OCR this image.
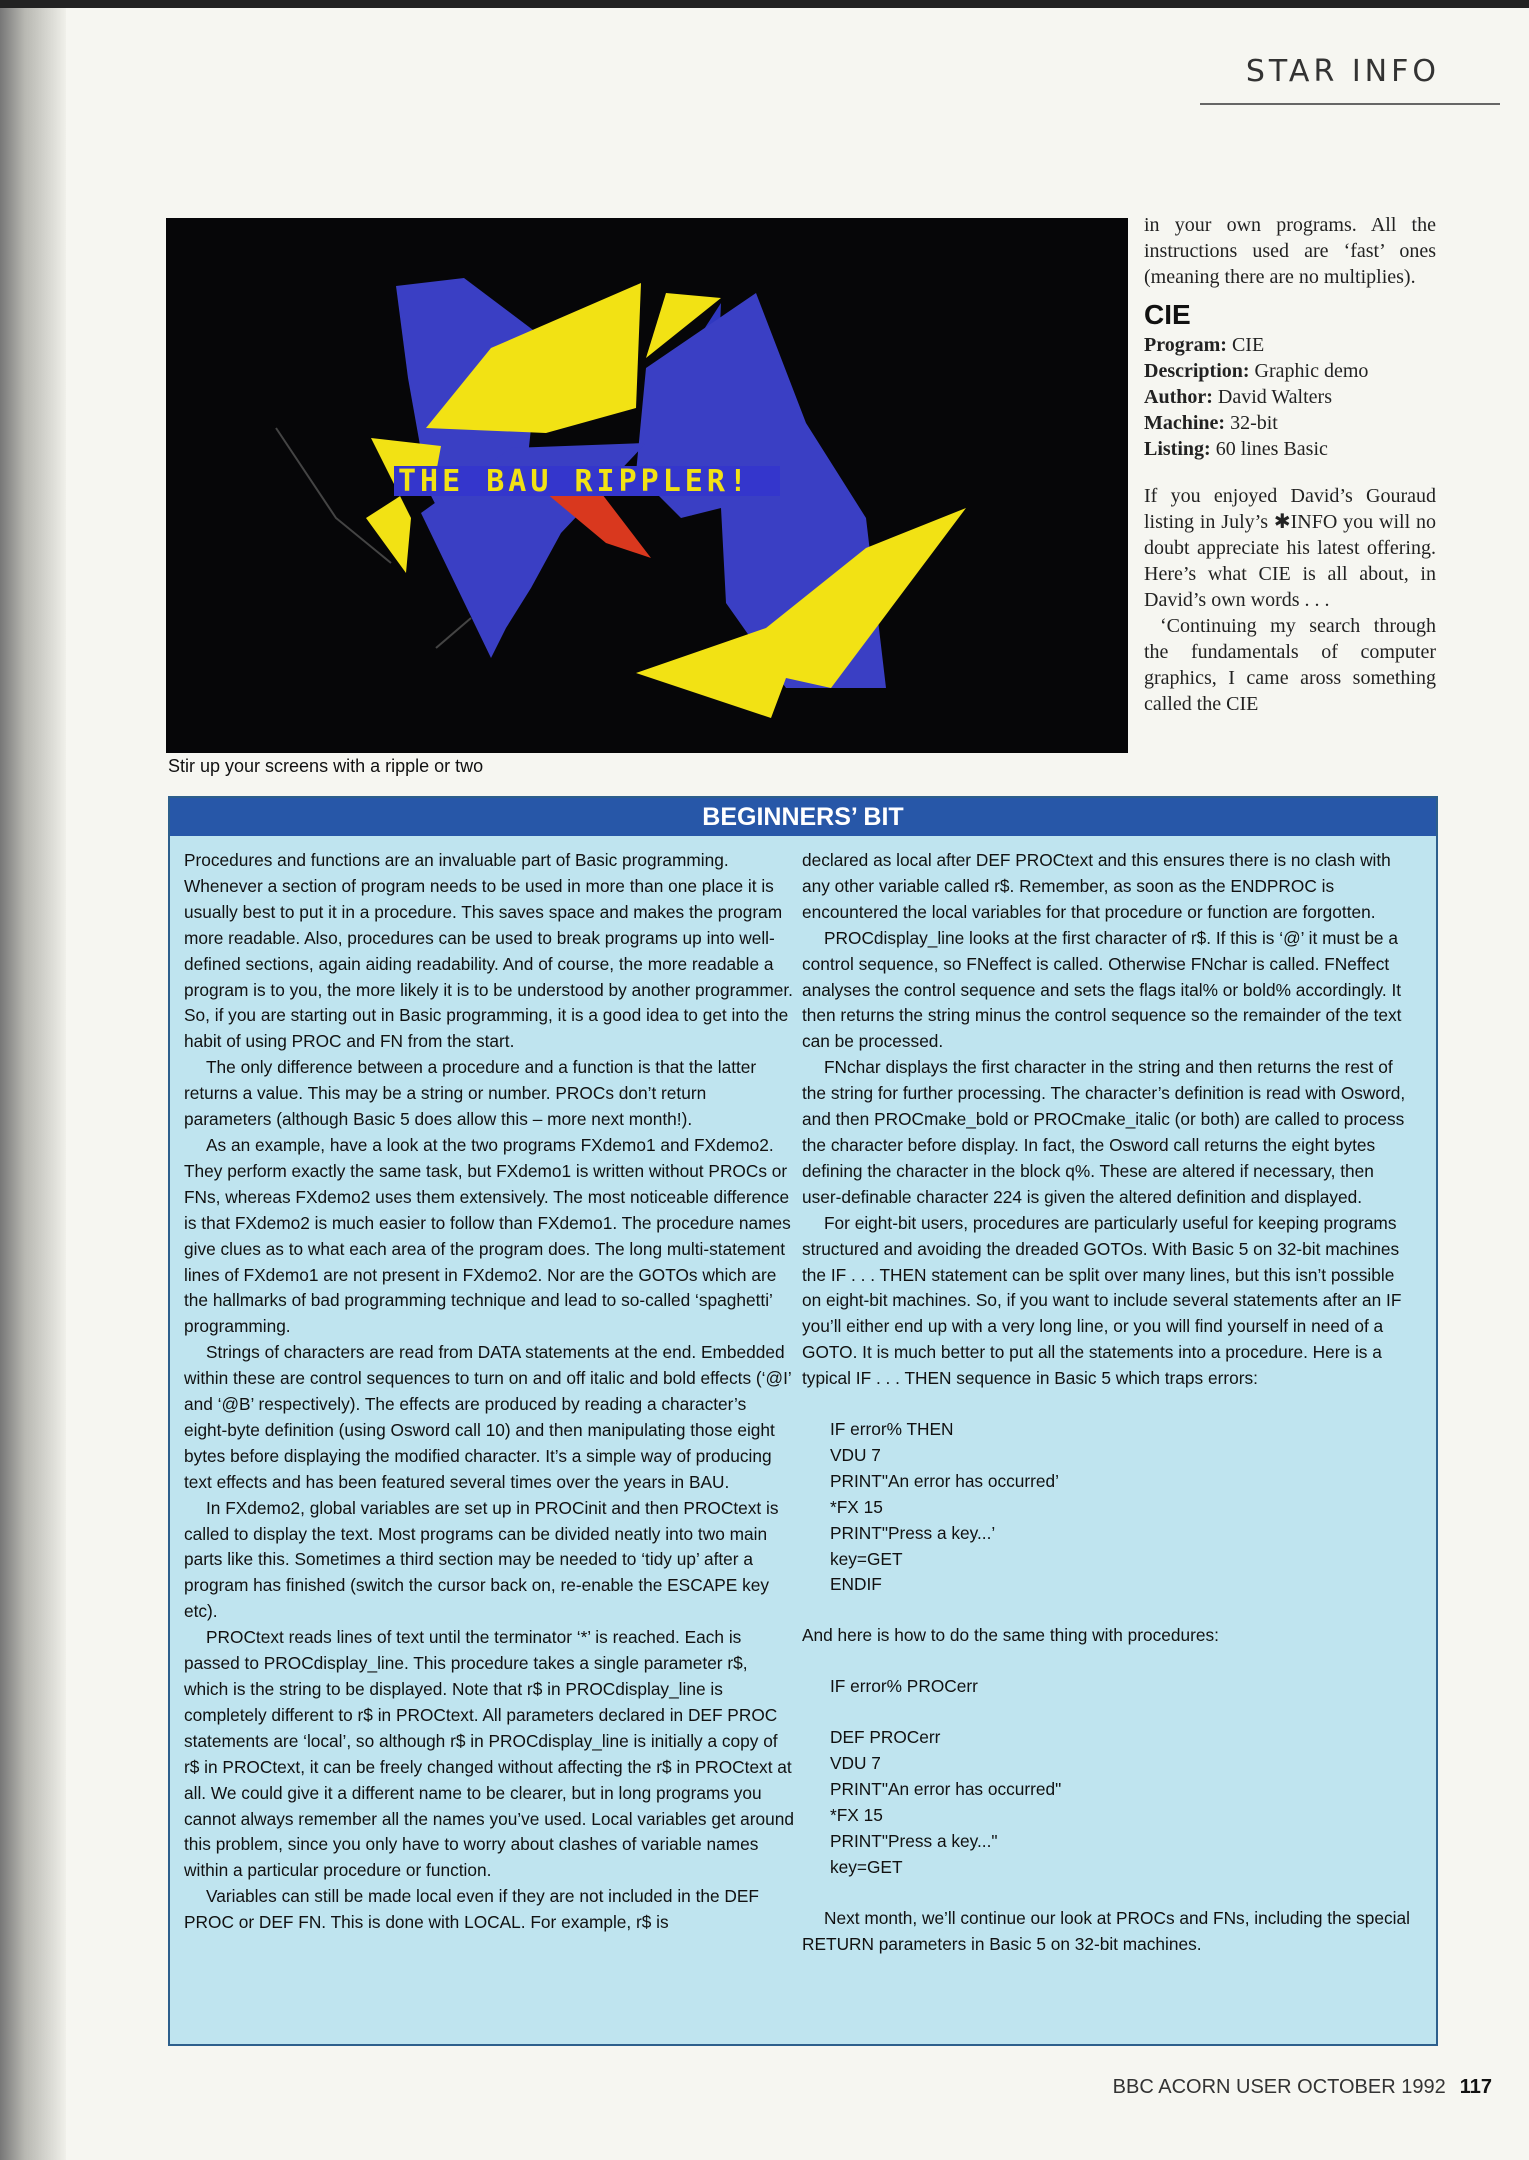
STAR INFO
THE BAU RIPPLER!
Stir up your screens with a ripple or two

in your own programs. All the instructions used are ‘fast’ ones (meaning there are no multiplies).

CIE
Program: CIE
Description: Graphic demo
Author: David Walters
Machine: 32-bit
Listing: 60 lines Basic

If you enjoyed David’s Gouraud listing in July’s ✱INFO you will no doubt appreciate his latest offering. Here’s what CIE is all about, in David’s own words . . .

‘Continuing my search through the fundamentals of computer graphics, I came aross something called the CIE

BEGINNERS’ BIT

Procedures and functions are an invaluable part of Basic programming. Whenever a section of program needs to be used in more than one place it is usually best to put it in a procedure. This saves space and makes the program more readable. Also, procedures can be used to break programs up into well-defined sections, again aiding readability. And of course, the more readable a program is to you, the more likely it is to be understood by another programmer. So, if you are starting out in Basic programming, it is a good idea to get into the habit of using PROC and FN from the start.

The only difference between a procedure and a function is that the latter returns a value. This may be a string or number. PROCs don’t return parameters (although Basic 5 does allow this – more next month!).

As an example, have a look at the two programs FXdemo1 and FXdemo2. They perform exactly the same task, but FXdemo1 is written without PROCs or FNs, whereas FXdemo2 uses them extensively. The most noticeable difference is that FXdemo2 is much easier to follow than FXdemo1. The procedure names give clues as to what each area of the program does. The long multi-statement lines of FXdemo1 are not present in FXdemo2. Nor are the GOTOs which are the hallmarks of bad programming technique and lead to so-called ‘spaghetti’ programming.

Strings of characters are read from DATA statements at the end. Embedded within these are control sequences to turn on and off italic and bold effects (‘@I’ and ‘@B’ respectively). The effects are produced by reading a character’s eight-byte definition (using Osword call 10) and then manipulating those eight bytes before displaying the modified character. It’s a simple way of producing text effects and has been featured several times over the years in BAU.

In FXdemo2, global variables are set up in PROCinit and then PROCtext is called to display the text. Most programs can be divided neatly into two main parts like this. Sometimes a third section may be needed to ‘tidy up’ after a program has finished (switch the cursor back on, re-enable the ESCAPE key etc).

PROCtext reads lines of text until the terminator ‘*’ is reached. Each is passed to PROCdisplay_line. This procedure takes a single parameter r$, which is the string to be displayed. Note that r$ in PROCdisplay_line is completely different to r$ in PROCtext. All parameters declared in DEF PROC statements are ‘local’, so although r$ in PROCdisplay_line is initially a copy of r$ in PROCtext, it can be freely changed without affecting the r$ in PROCtext at all. We could give it a different name to be clearer, but in long programs you cannot always remember all the names you’ve used. Local variables get around this problem, since you only have to worry about clashes of variable names within a particular procedure or function.

Variables can still be made local even if they are not included in the DEF PROC or DEF FN. This is done with LOCAL. For example, r$ is

declared as local after DEF PROCtext and this ensures there is no clash with any other variable called r$. Remember, as soon as the ENDPROC is encountered the local variables for that procedure or function are forgotten.

PROCdisplay_line looks at the first character of r$. If this is ‘@’ it must be a control sequence, so FNeffect is called. Otherwise FNchar is called. FNeffect analyses the control sequence and sets the flags ital% or bold% accordingly. It then returns the string minus the control sequence so the remainder of the text can be processed.

FNchar displays the first character in the string and then returns the rest of the string for further processing. The character’s definition is read with Osword, and then PROCmake_bold or PROCmake_italic (or both) are called to process the character before display. In fact, the Osword call returns the eight bytes defining the character in the block q%. These are altered if necessary, then user-definable character 224 is given the altered definition and displayed.

For eight-bit users, procedures are particularly useful for keeping programs structured and avoiding the dreaded GOTOs. With Basic 5 on 32-bit machines the IF . . . THEN statement can be split over many lines, but this isn’t possible on eight-bit machines. So, if you want to include several statements after an IF you’ll either end up with a very long line, or you will find yourself in need of a GOTO. It is much better to put all the statements into a procedure. Here is a typical IF . . . THEN sequence in Basic 5 which traps errors:

IF error% THEN
VDU 7
PRINT"An error has occurred’
*FX 15
PRINT"Press a key...’
key=GET
ENDIF

And here is how to do the same thing with procedures:

IF error% PROCerr
DEF PROCerr
VDU 7
PRINT"An error has occurred"
*FX 15
PRINT"Press a key..."
key=GET

Next month, we’ll continue our look at PROCs and FNs, including the special RETURN parameters in Basic 5 on 32-bit machines.

BBC ACORN USER OCTOBER 1992 117
